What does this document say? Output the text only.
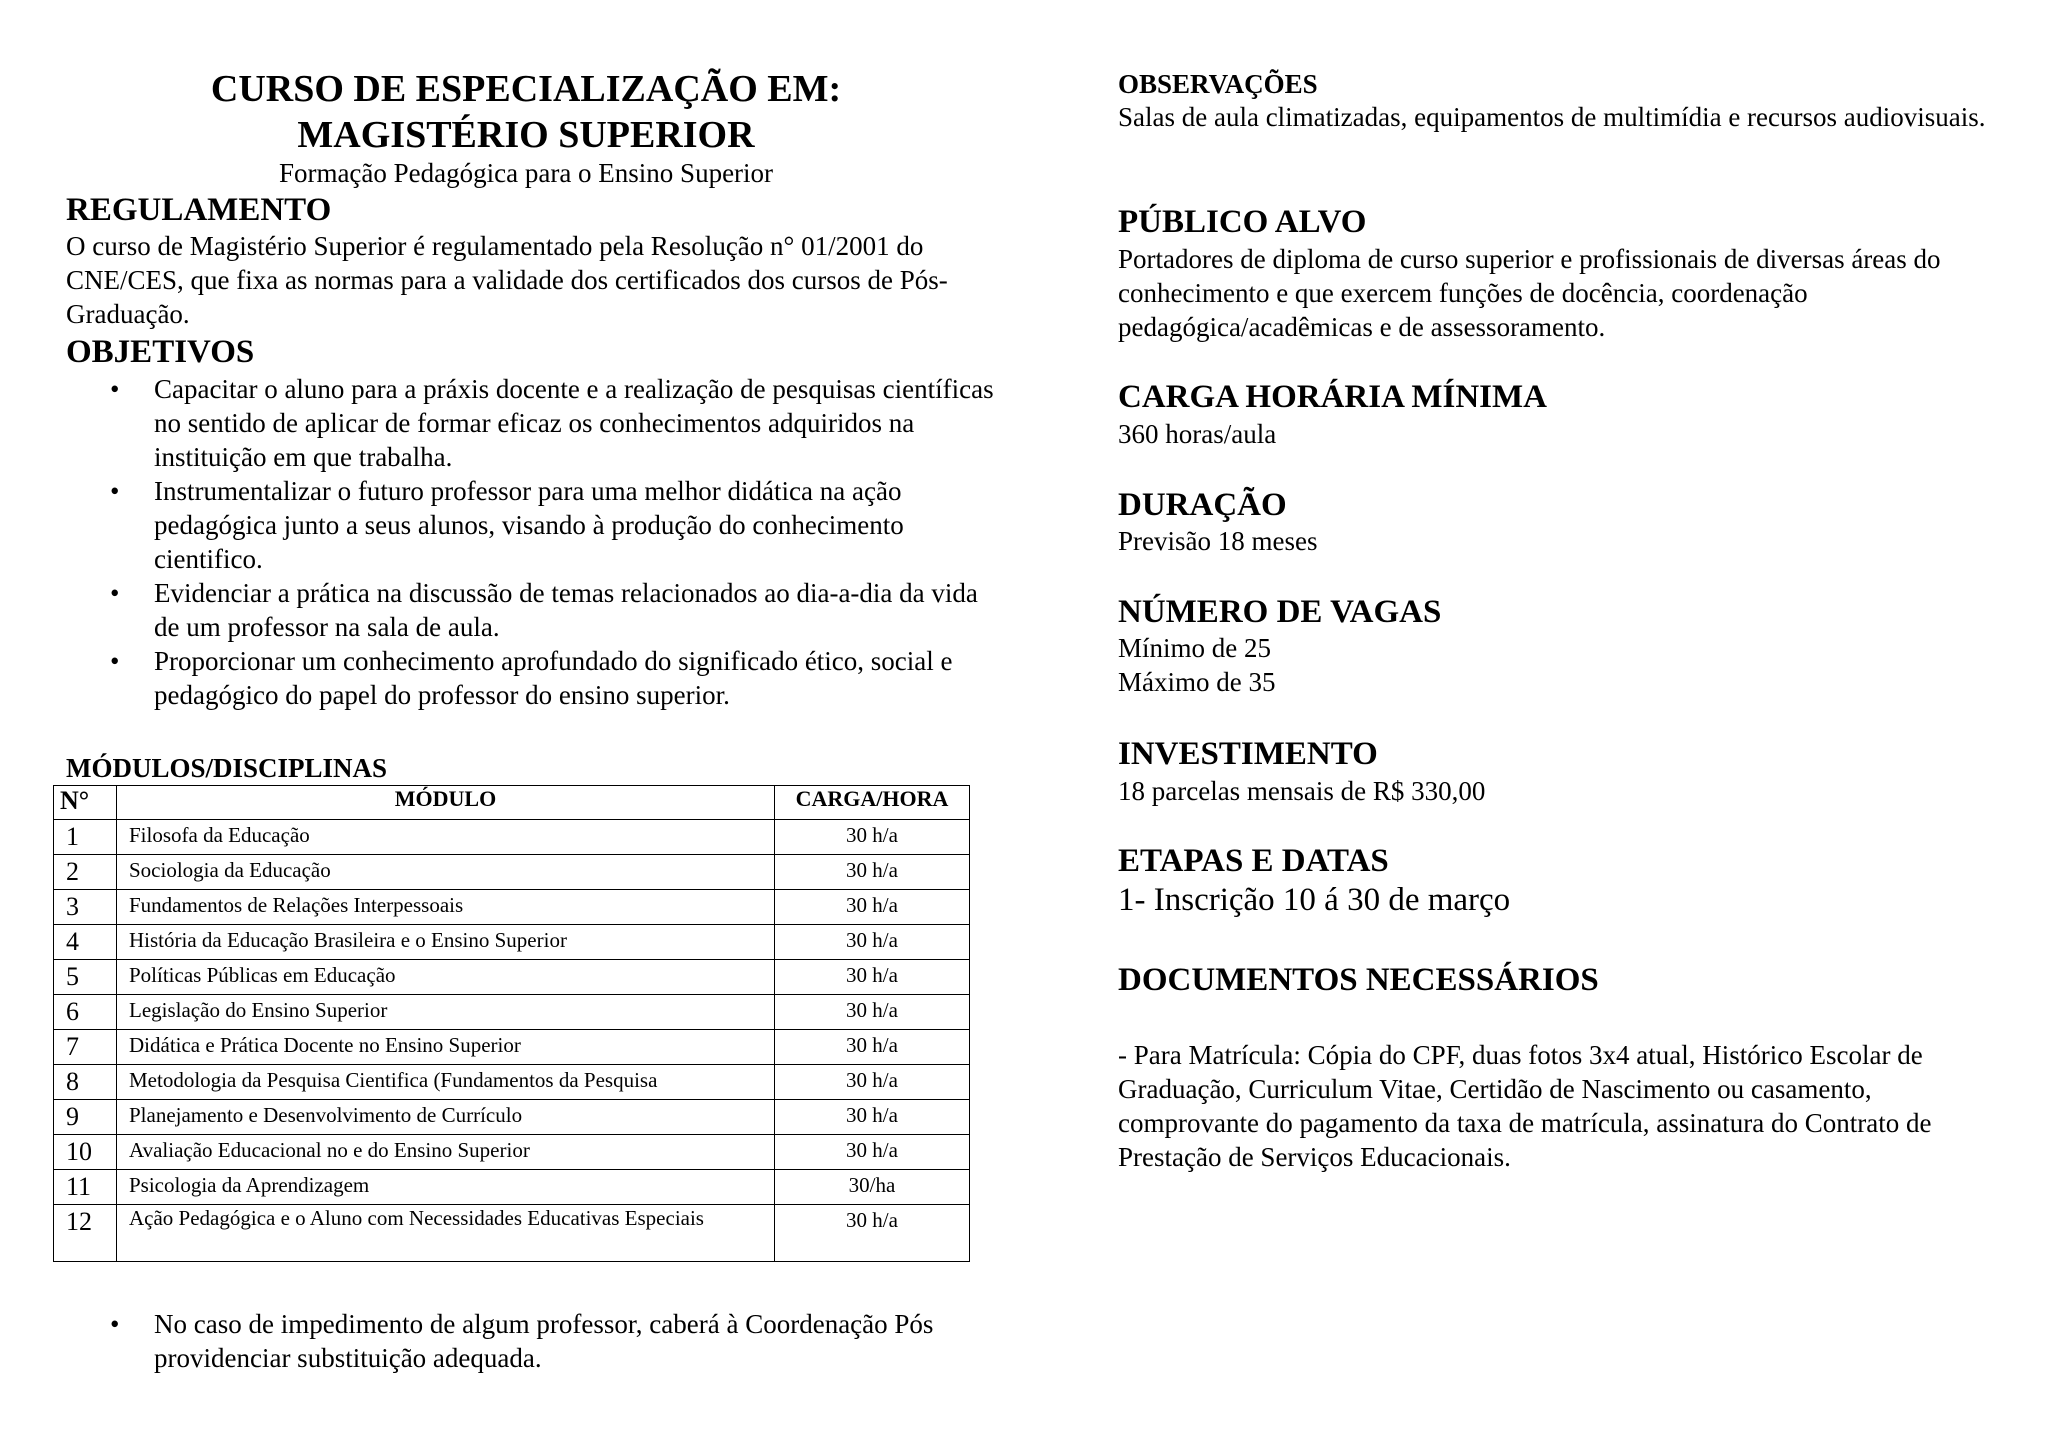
CURSO DE ESPECIALIZAÇÃO EM:
MAGISTÉRIO SUPERIOR
Formação Pedagógica para o Ensino Superior
REGULAMENTO

O curso de Magistério Superior é regulamentado pela Resolução n° 01/2001 do CNE/CES, que fixa as normas para a validade dos certificados dos cursos de Pós-Graduação.

OBJETIVOS
• Capacitar o aluno para a práxis docente e a realização de pesquisas científicas no sentido de aplicar de formar eficaz os conhecimentos adquiridos na instituição em que trabalha.
• Instrumentalizar o futuro professor para uma melhor didática na ação pedagógica junto a seus alunos, visando à produção do conhecimento cientifico.
• Evidenciar a prática na discussão de temas relacionados ao dia-a-dia da vida de um professor na sala de aula.
• Proporcionar um conhecimento aprofundado do significado ético, social e pedagógico do papel do professor do ensino superior.
MÓDULOS/DISCIPLINAS
N°	MÓDULO	CARGA/HORA
1	Filosofa da Educação	30 h/a
2	Sociologia da Educação	30 h/a
3	Fundamentos de Relações Interpessoais	30 h/a
4	História da Educação Brasileira e o Ensino Superior	30 h/a
5	Políticas Públicas em Educação	30 h/a
6	Legislação do Ensino Superior	30 h/a
7	Didática e Prática Docente no Ensino Superior	30 h/a
8	Metodologia da Pesquisa Cientifica (Fundamentos da Pesquisa	30 h/a
9	Planejamento e Desenvolvimento de Currículo	30 h/a
10	Avaliação Educacional no e do Ensino Superior	30 h/a
11	Psicologia da Aprendizagem	30/ha
12	Ação Pedagógica e o Aluno com Necessidades Educativas Especiais	30 h/a
• No caso de impedimento de algum professor, caberá à Coordenação Pós providenciar substituição adequada.
OBSERVAÇÕES

Salas de aula climatizadas, equipamentos de multimídia e recursos audiovisuais.

PÚBLICO ALVO

Portadores de diploma de curso superior e profissionais de diversas áreas do conhecimento e que exercem funções de docência, coordenação pedagógica/acadêmicas e de assessoramento.

CARGA HORÁRIA MÍNIMA

360 horas/aula

DURAÇÃO

Previsão 18 meses

NÚMERO DE VAGAS

Mínimo de 25

Máximo de 35

INVESTIMENTO

18 parcelas mensais de R$ 330,00

ETAPAS E DATAS

1- Inscrição 10 á 30 de março

DOCUMENTOS NECESSÁRIOS

- Para Matrícula: Cópia do CPF, duas fotos 3x4 atual, Histórico Escolar de Graduação, Curriculum Vitae, Certidão de Nascimento ou casamento, comprovante do pagamento da taxa de matrícula, assinatura do Contrato de Prestação de Serviços Educacionais.
